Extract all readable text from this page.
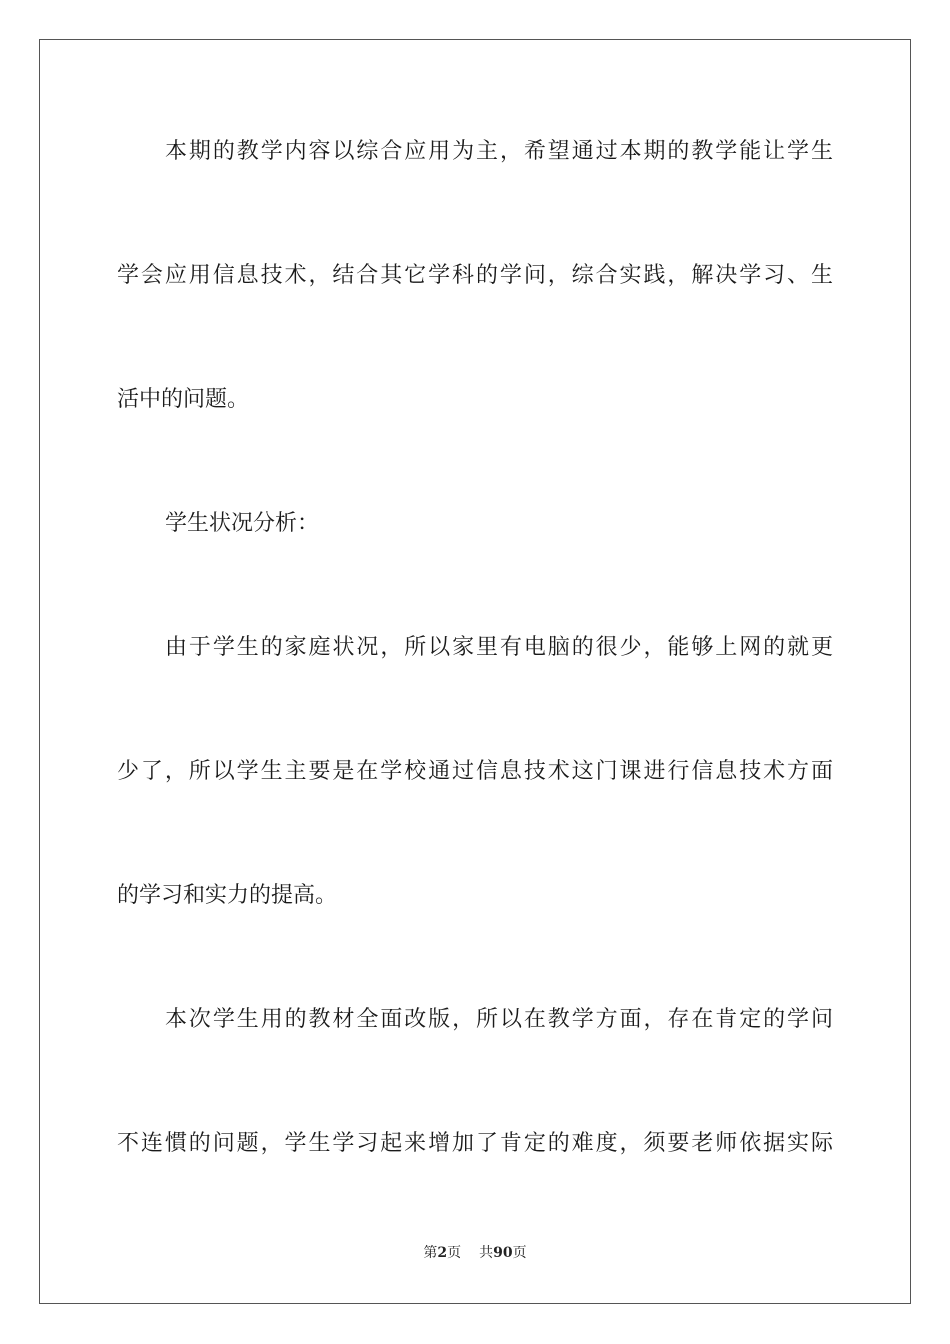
本期的教学内容以综合应用为主，希望通过本期的教学能让学生
学会应用信息技术，结合其它学科的学问，综合实践，解决学习、生
活中的问题。
学生状况分析：
由于学生的家庭状况，所以家里有电脑的很少，能够上网的就更
少了，所以学生主要是在学校通过信息技术这门课进行信息技术方面
的学习和实力的提高。
本次学生用的教材全面改版，所以在教学方面，存在肯定的学问
不连慣的问题，学生学习起来增加了肯定的难度，须要老师依据实际
第2页 共90页
